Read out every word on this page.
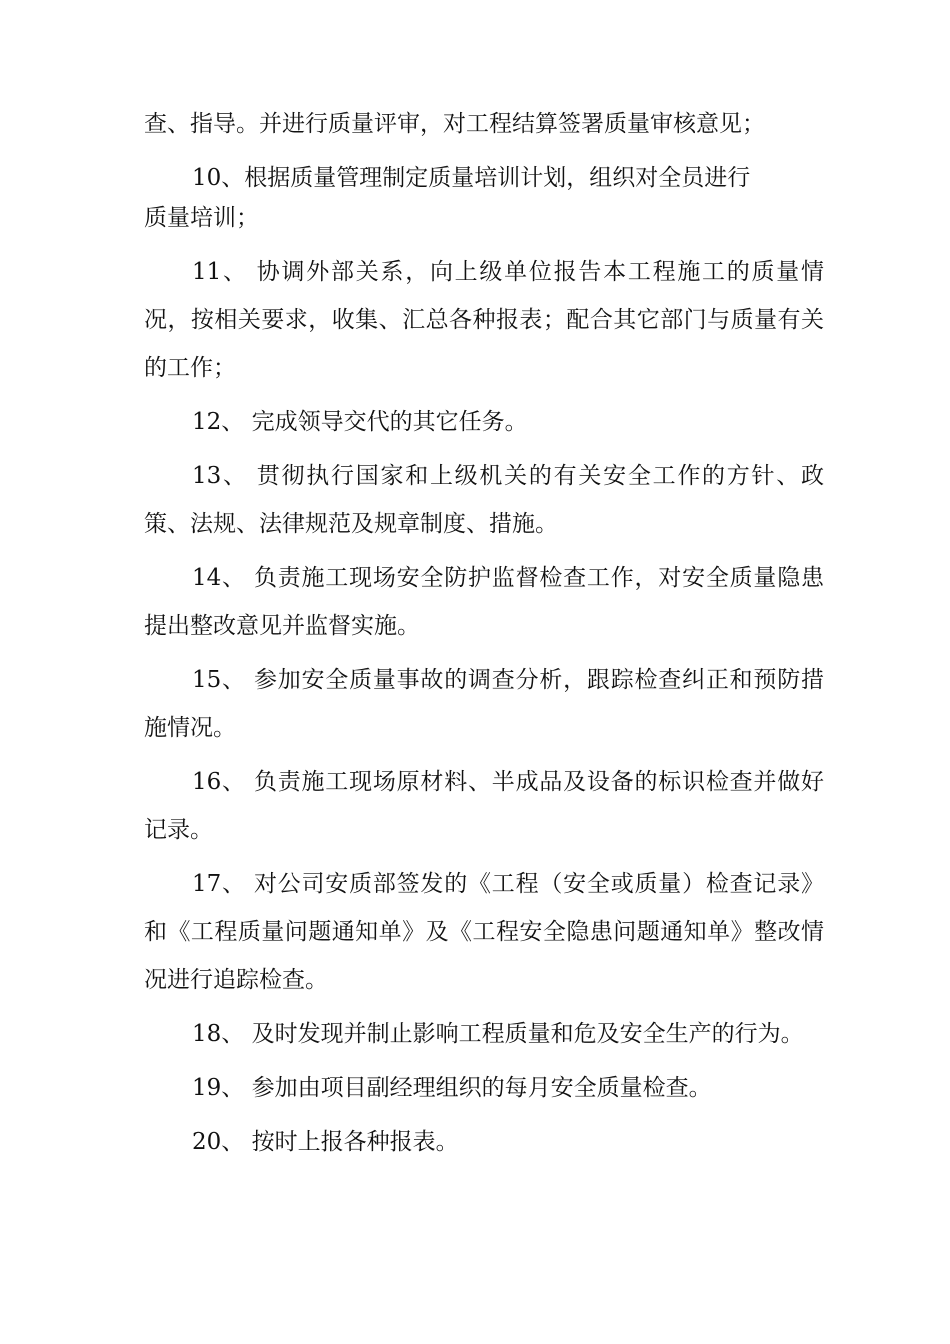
查、指导。并进行质量评审，对工程结算签署质量审核意见；

10、根据质量管理制定质量培训计划，组织对全员进行

质量培训；

11、 协调外部关系，向上级单位报告本工程施工的质量情况，按相关要求，收集、汇总各种报表；配合其它部门与质量有关的工作；

12、 完成领导交代的其它任务。

13、 贯彻执行国家和上级机关的有关安全工作的方针、政策、法规、法律规范及规章制度、措施。

14、 负责施工现场安全防护监督检查工作，对安全质量隐患提出整改意见并监督实施。

15、 参加安全质量事故的调查分析，跟踪检查纠正和预防措施情况。

16、 负责施工现场原材料、半成品及设备的标识检查并做好记录。

17、 对公司安质部签发的《工程（安全或质量）检查记录》和《工程质量问题通知单》及《工程安全隐患问题通知单》整改情况进行追踪检查。

18、 及时发现并制止影响工程质量和危及安全生产的行为。

19、 参加由项目副经理组织的每月安全质量检查。

20、 按时上报各种报表。
